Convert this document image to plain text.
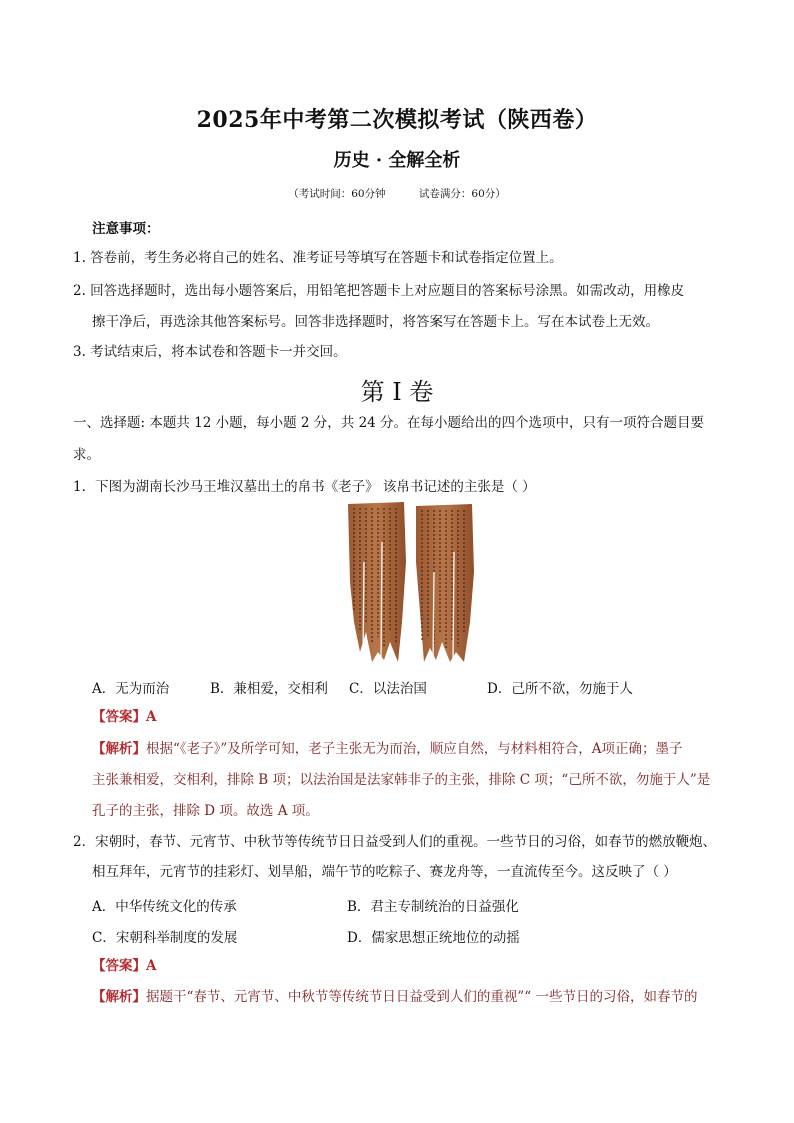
2025年中考第二次模拟考试（陕西卷）
历史 · 全解全析
（考试时间：60分钟	试卷满分：60分）
注意事项：
1. 答卷前，考生务必将自己的姓名、准考证号等填写在答题卡和试卷指定位置上。
2. 回答选择题时，选出每小题答案后，用铅笔把答题卡上对应题目的答案标号涂黑。如需改动，用橡皮
擦干净后，再选涂其他答案标号。回答非选择题时，将答案写在答题卡上。写在本试卷上无效。
3. 考试结束后，将本试卷和答题卡一并交回。
第 I 卷
一、选择题: 本题共 12 小题，每小题 2 分，共 24 分。在每小题给出的四个选项中，只有一项符合题目要
求。
1．下图为湖南长沙马王堆汉墓出土的帛书《老子》 该帛书记述的主张是（ ）
A．无为而治	B．兼相爱，交相利 C．以法治国	D．己所不欲，勿施于人
【答案】A
【解析】根据“《老子》”及所学可知，老子主张无为而治，顺应自然，与材料相符合，A项正确；墨子
主张兼相爱，交相利，排除 B 项；以法治国是法家韩非子的主张，排除 C 项；“己所不欲，勿施于人”是
孔子的主张，排除 D 项。故选 A 项。
2．宋朝时，春节、元宵节、中秋节等传统节日日益受到人们的重视。一些节日的习俗，如春节的燃放鞭炮、
相互拜年，元宵节的挂彩灯、划旱船，端午节的吃粽子、赛龙舟等，一直流传至今。这反映了（ ）
A．中华传统文化的传承	B．君主专制统治的日益强化
C．宋朝科举制度的发展	D．儒家思想正统地位的动摇
【答案】A
【解析】据题干“春节、元宵节、中秋节等传统节日日益受到人们的重视”“ 一些节日的习俗，如春节的
